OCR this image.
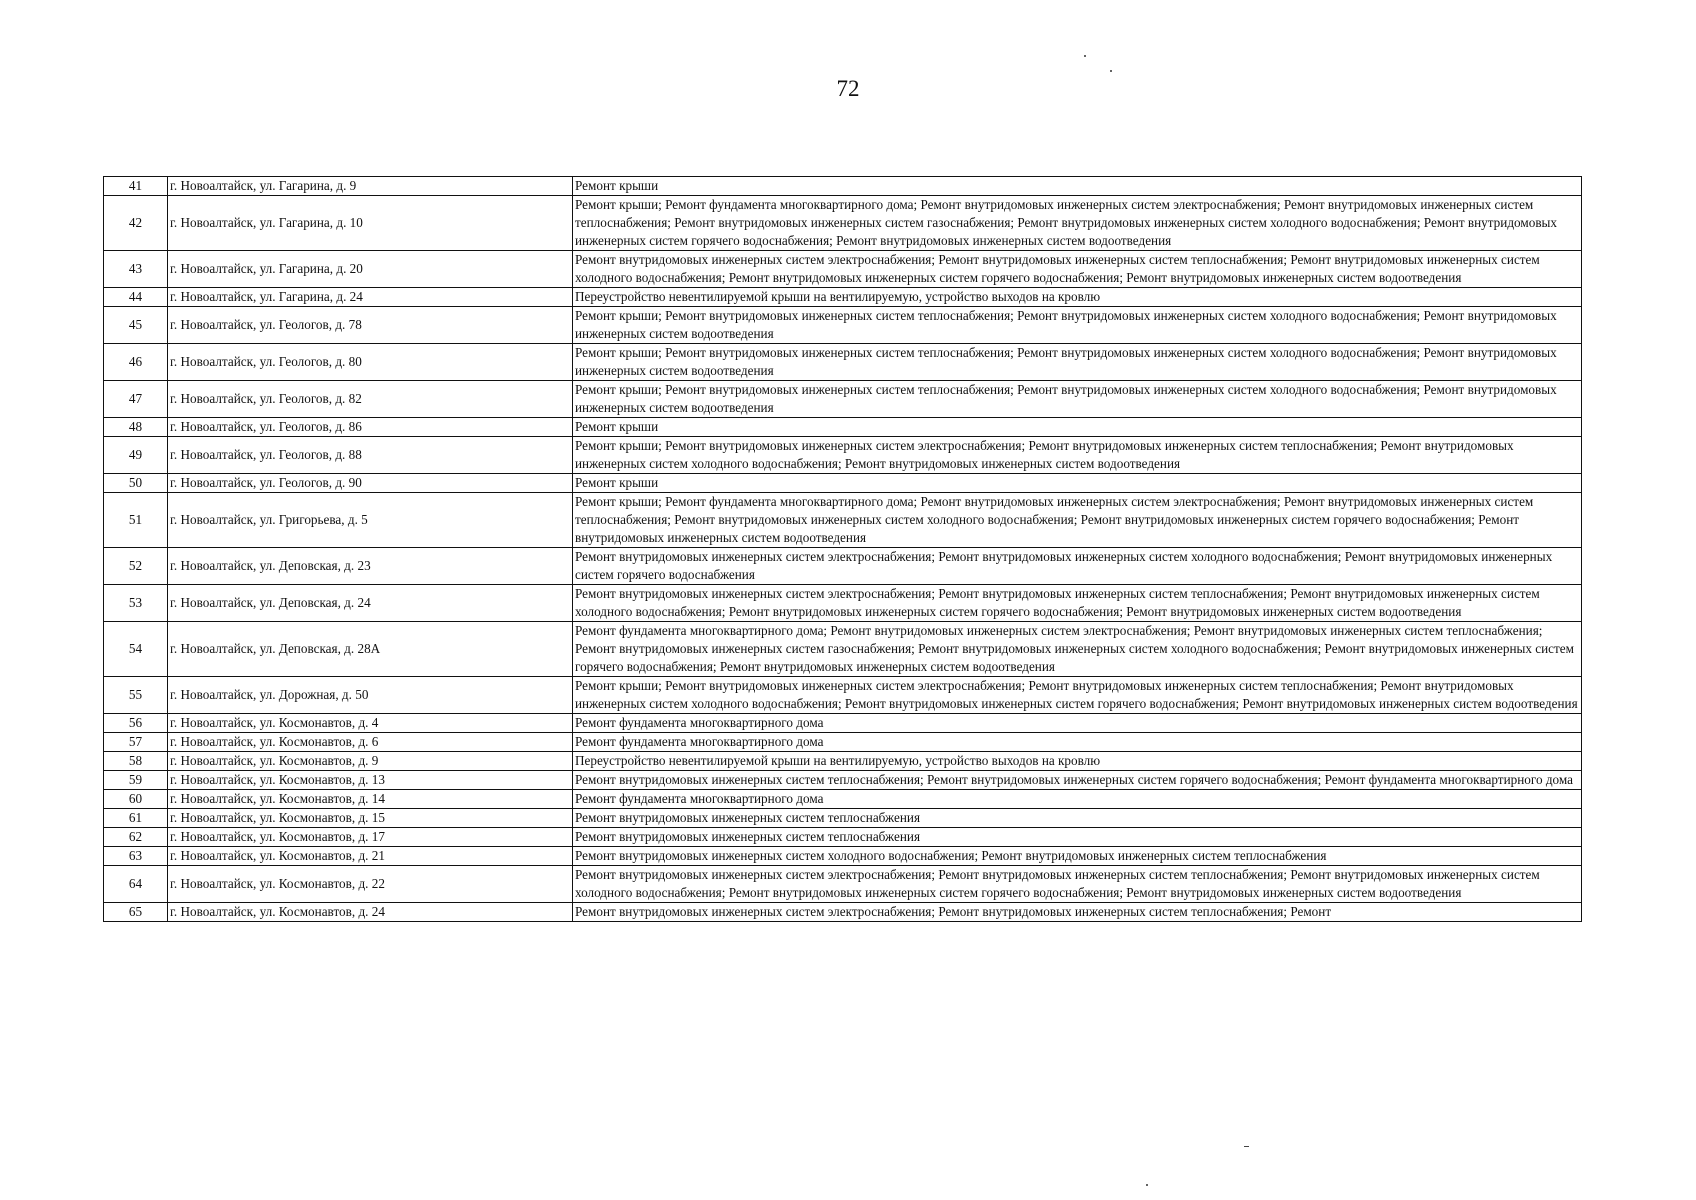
72
41	г. Новоалтайск, ул. Гагарина, д. 9	Ремонт крыши
42	г. Новоалтайск, ул. Гагарина, д. 10	Ремонт крыши; Ремонт фундамента многоквартирного дома; Ремонт внутридомовых инженерных систем электроснабжения; Ремонт внутридомовых инженерных систем теплоснабжения; Ремонт внутридомовых инженерных систем газоснабжения; Ремонт внутридомовых инженерных систем холодного водоснабжения; Ремонт внутридомовых инженерных систем горячего водоснабжения; Ремонт внутридомовых инженерных систем водоотведения
43	г. Новоалтайск, ул. Гагарина, д. 20	Ремонт внутридомовых инженерных систем электроснабжения; Ремонт внутридомовых инженерных систем теплоснабжения; Ремонт внутридомовых инженерных систем холодного водоснабжения; Ремонт внутридомовых инженерных систем горячего водоснабжения; Ремонт внутридомовых инженерных систем водоотведения
44	г. Новоалтайск, ул. Гагарина, д. 24	Переустройство невентилируемой крыши на вентилируемую, устройство выходов на кровлю
45	г. Новоалтайск, ул. Геологов, д. 78	Ремонт крыши; Ремонт внутридомовых инженерных систем теплоснабжения; Ремонт внутридомовых инженерных систем холодного водоснабжения; Ремонт внутридомовых инженерных систем водоотведения
46	г. Новоалтайск, ул. Геологов, д. 80	Ремонт крыши; Ремонт внутридомовых инженерных систем теплоснабжения; Ремонт внутридомовых инженерных систем холодного водоснабжения; Ремонт внутридомовых инженерных систем водоотведения
47	г. Новоалтайск, ул. Геологов, д. 82	Ремонт крыши; Ремонт внутридомовых инженерных систем теплоснабжения; Ремонт внутридомовых инженерных систем холодного водоснабжения; Ремонт внутридомовых инженерных систем водоотведения
48	г. Новоалтайск, ул. Геологов, д. 86	Ремонт крыши
49	г. Новоалтайск, ул. Геологов, д. 88	Ремонт крыши; Ремонт внутридомовых инженерных систем электроснабжения; Ремонт внутридомовых инженерных систем теплоснабжения; Ремонт внутридомовых инженерных систем холодного водоснабжения; Ремонт внутридомовых инженерных систем водоотведения
50	г. Новоалтайск, ул. Геологов, д. 90	Ремонт крыши
51	г. Новоалтайск, ул. Григорьева, д. 5	Ремонт крыши; Ремонт фундамента многоквартирного дома; Ремонт внутридомовых инженерных систем электроснабжения; Ремонт внутридомовых инженерных систем теплоснабжения; Ремонт внутридомовых инженерных систем холодного водоснабжения; Ремонт внутридомовых инженерных систем горячего водоснабжения; Ремонт внутридомовых инженерных систем водоотведения
52	г. Новоалтайск, ул. Деповская, д. 23	Ремонт внутридомовых инженерных систем электроснабжения; Ремонт внутридомовых инженерных систем холодного водоснабжения; Ремонт внутридомовых инженерных систем горячего водоснабжения
53	г. Новоалтайск, ул. Деповская, д. 24	Ремонт внутридомовых инженерных систем электроснабжения; Ремонт внутридомовых инженерных систем теплоснабжения; Ремонт внутридомовых инженерных систем холодного водоснабжения; Ремонт внутридомовых инженерных систем горячего водоснабжения; Ремонт внутридомовых инженерных систем водоотведения
54	г. Новоалтайск, ул. Деповская, д. 28А	Ремонт фундамента многоквартирного дома; Ремонт внутридомовых инженерных систем электроснабжения; Ремонт внутридомовых инженерных систем теплоснабжения; Ремонт внутридомовых инженерных систем газоснабжения; Ремонт внутридомовых инженерных систем холодного водоснабжения; Ремонт внутридомовых инженерных систем горячего водоснабжения; Ремонт внутридомовых инженерных систем водоотведения
55	г. Новоалтайск, ул. Дорожная, д. 50	Ремонт крыши; Ремонт внутридомовых инженерных систем электроснабжения; Ремонт внутридомовых инженерных систем теплоснабжения; Ремонт внутридомовых инженерных систем холодного водоснабжения; Ремонт внутридомовых инженерных систем горячего водоснабжения; Ремонт внутридомовых инженерных систем водоотведения
56	г. Новоалтайск, ул. Космонавтов, д. 4	Ремонт фундамента многоквартирного дома
57	г. Новоалтайск, ул. Космонавтов, д. 6	Ремонт фундамента многоквартирного дома
58	г. Новоалтайск, ул. Космонавтов, д. 9	Переустройство невентилируемой крыши на вентилируемую, устройство выходов на кровлю
59	г. Новоалтайск, ул. Космонавтов, д. 13	Ремонт внутридомовых инженерных систем теплоснабжения; Ремонт внутридомовых инженерных систем горячего водоснабжения; Ремонт фундамента многоквартирного дома
60	г. Новоалтайск, ул. Космонавтов, д. 14	Ремонт фундамента многоквартирного дома
61	г. Новоалтайск, ул. Космонавтов, д. 15	Ремонт внутридомовых инженерных систем теплоснабжения
62	г. Новоалтайск, ул. Космонавтов, д. 17	Ремонт внутридомовых инженерных систем теплоснабжения
63	г. Новоалтайск, ул. Космонавтов, д. 21	Ремонт внутридомовых инженерных систем холодного водоснабжения; Ремонт внутридомовых инженерных систем теплоснабжения
64	г. Новоалтайск, ул. Космонавтов, д. 22	Ремонт внутридомовых инженерных систем электроснабжения; Ремонт внутридомовых инженерных систем теплоснабжения; Ремонт внутридомовых инженерных систем холодного водоснабжения; Ремонт внутридомовых инженерных систем горячего водоснабжения; Ремонт внутридомовых инженерных систем водоотведения
65	г. Новоалтайск, ул. Космонавтов, д. 24	Ремонт внутридомовых инженерных систем электроснабжения; Ремонт внутридомовых инженерных систем теплоснабжения; Ремонт
